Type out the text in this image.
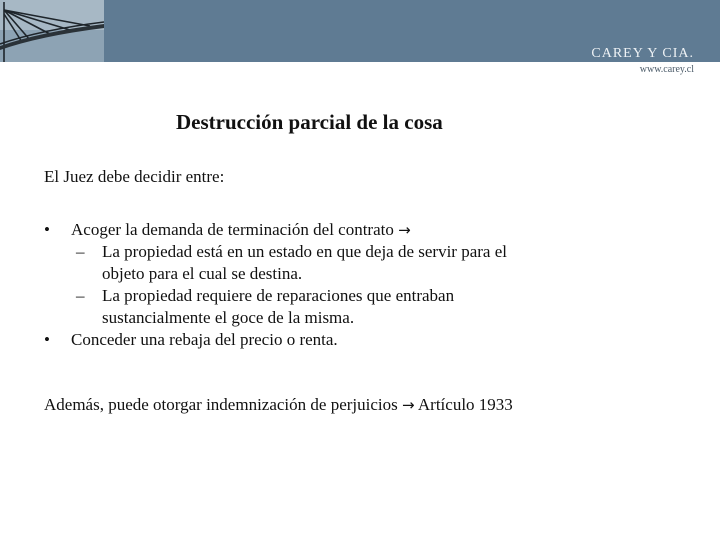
CAREY Y CIA.
www.carey.cl
Destrucción parcial de la cosa
El Juez debe decidir entre:
• Acoger la demanda de terminación del contrato →
– La propiedad está en un estado en que deja de servir para el
objeto para el cual se destina.
– La propiedad requiere de reparaciones que entraban
sustancialmente el goce de la misma.
• Conceder una rebaja del precio o renta.
Además, puede otorgar indemnización de perjuicios → Artículo 1933
